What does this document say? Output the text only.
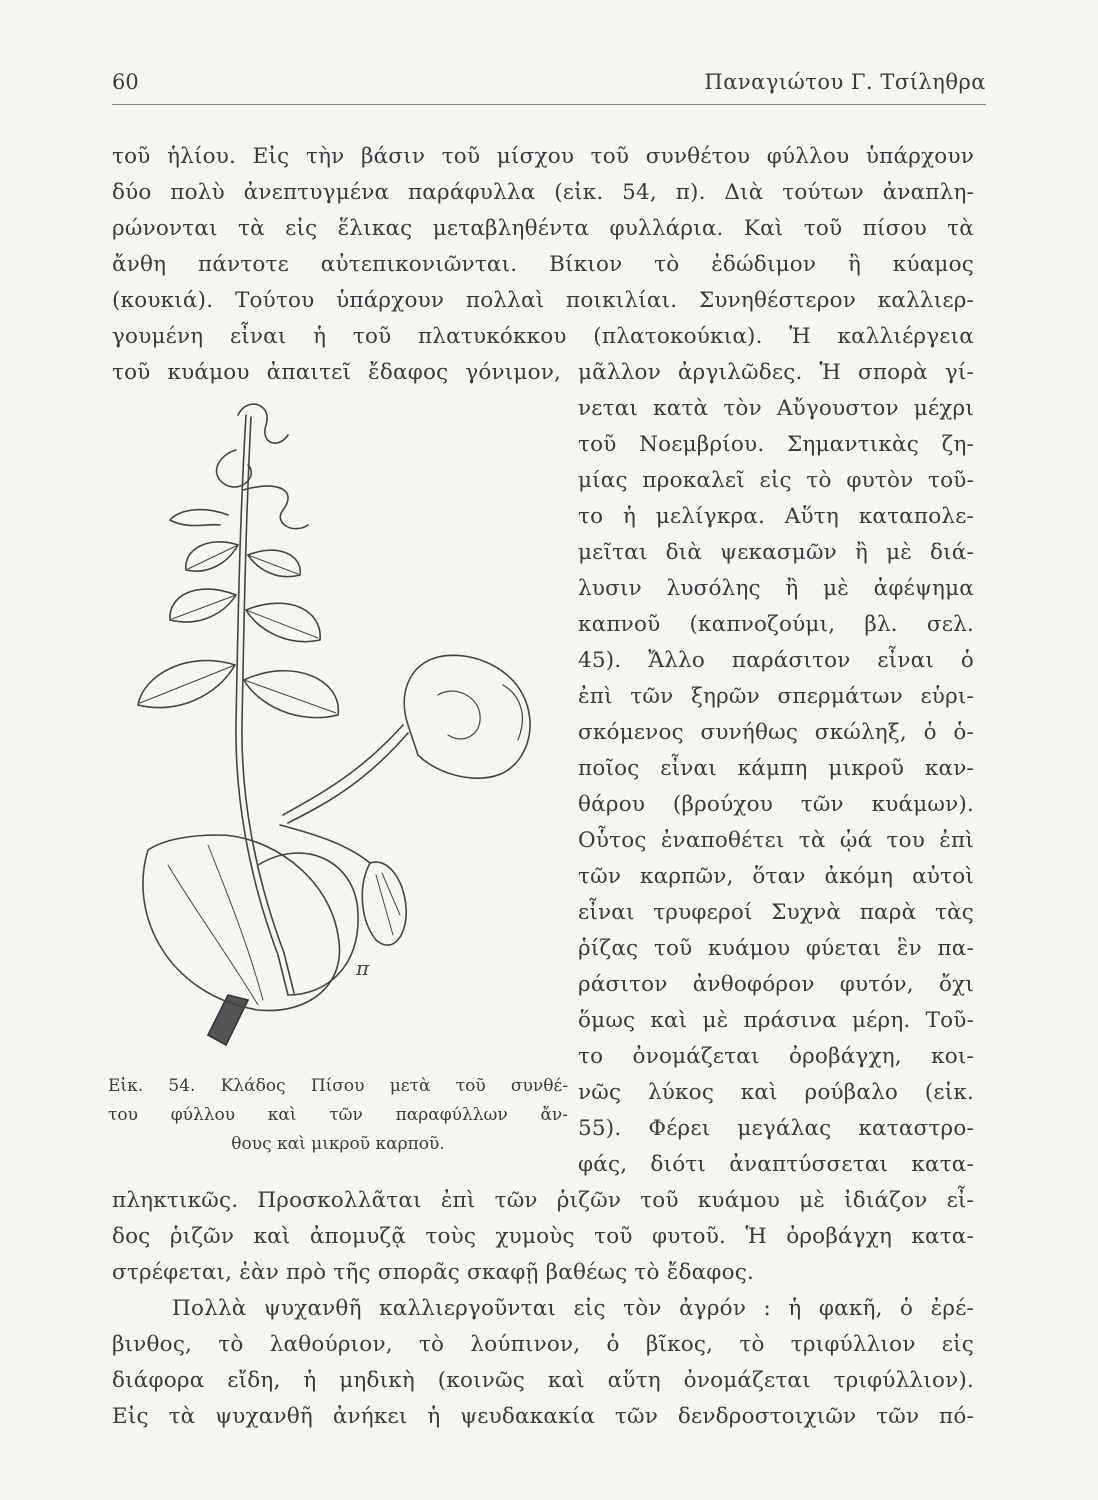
60	Παναγιώτου Γ. Τσίληθρα
τοῦ ἡλίου. Εἰς τὴν βάσιν τοῦ μίσχου τοῦ συνθέτου φύλλου ὑπάρχουν
δύο πολὺ ἀνεπτυγμένα παράφυλλα (εἰκ. 54, π). Διὰ τούτων ἀναπλη-
ρώνονται τὰ εἰς ἕλικας μεταβληθέντα φυλλάρια. Καὶ τοῦ πίσου τὰ
ἄνθη πάντοτε αὐτεπικονιῶνται. Βίκιον τὸ ἐδώδιμον ἢ κύαμος
(κουκιά). Τούτου ὑπάρχουν πολλαὶ ποικιλίαι. Συνηθέστερον καλλιερ-
γουμένη εἶναι ἡ τοῦ πλατυκόκκου (πλατοκούκια). Ἡ καλλιέργεια
τοῦ κυάμου ἀπαιτεῖ ἔδαφος γόνιμον, μᾶλλον ἀργιλῶδες. Ἡ σπορὰ γί-
π
νεται κατὰ τὸν Αὔγουστον μέχρι
τοῦ Νοεμβρίου. Σημαντικὰς ζη-
μίας προκαλεῖ εἰς τὸ φυτὸν τοῦ-
το ἡ μελίγκρα. Αὕτη καταπολε-
μεῖται διὰ ψεκασμῶν ἢ μὲ διά-
λυσιν λυσόλης ἢ μὲ ἀφέψημα
καπνοῦ (καπνοζούμι, βλ. σελ.
45). Ἄλλο παράσιτον εἶναι ὁ
ἐπὶ τῶν ξηρῶν σπερμάτων εὑρι-
σκόμενος συνήθως σκώληξ, ὁ ὁ-
ποῖος εἶναι κάμπη μικροῦ καν-
θάρου (βρούχου τῶν κυάμων).
Οὗτος ἐναποθέτει τὰ ᾠά του ἐπὶ
τῶν καρπῶν, ὅταν ἀκόμη αὐτοὶ
εἶναι τρυφεροί Συχνὰ παρὰ τὰς
ῥίζας τοῦ κυάμου φύεται ἓν πα-
ράσιτον ἀνθοφόρον φυτόν, ὄχι
ὅμως καὶ μὲ πράσινα μέρη. Τοῦ-
το ὀνομάζεται ὀροβάγχη, κοι-
νῶς λύκος καὶ ρούβαλο (εἰκ.
55). Φέρει μεγάλας καταστρο-
φάς, διότι ἀναπτύσσεται κατα-
Εἰκ. 54. Κλάδος Πίσου μετὰ τοῦ συνθέ-
του φύλλου καὶ τῶν παραφύλλων ἄν-
θους καὶ μικροῦ καρποῦ.
πληκτικῶς. Προσκολλᾶται ἐπὶ τῶν ῥιζῶν τοῦ κυάμου μὲ ἰδιάζον εἶ-
δος ῥιζῶν καὶ ἀπομυζᾷ τοὺς χυμοὺς τοῦ φυτοῦ. Ἡ ὀροβάγχη κατα-
στρέφεται, ἐὰν πρὸ τῆς σπορᾶς σκαφῇ βαθέως τὸ ἔδαφος.
Πολλὰ ψυχανθῆ καλλιεργοῦνται εἰς τὸν ἀγρόν : ἡ φακῆ, ὁ ἐρέ-
βινθος, τὸ λαθούριον, τὸ λούπινον, ὁ βῖκος, τὸ τριφύλλιον εἰς
διάφορα εἴδη, ἡ μηδικὴ (κοινῶς καὶ αὕτη ὀνομάζεται τριφύλλιον).
Εἰς τὰ ψυχανθῆ ἀνήκει ἡ ψευδακακία τῶν δενδροστοιχιῶν τῶν πό-
